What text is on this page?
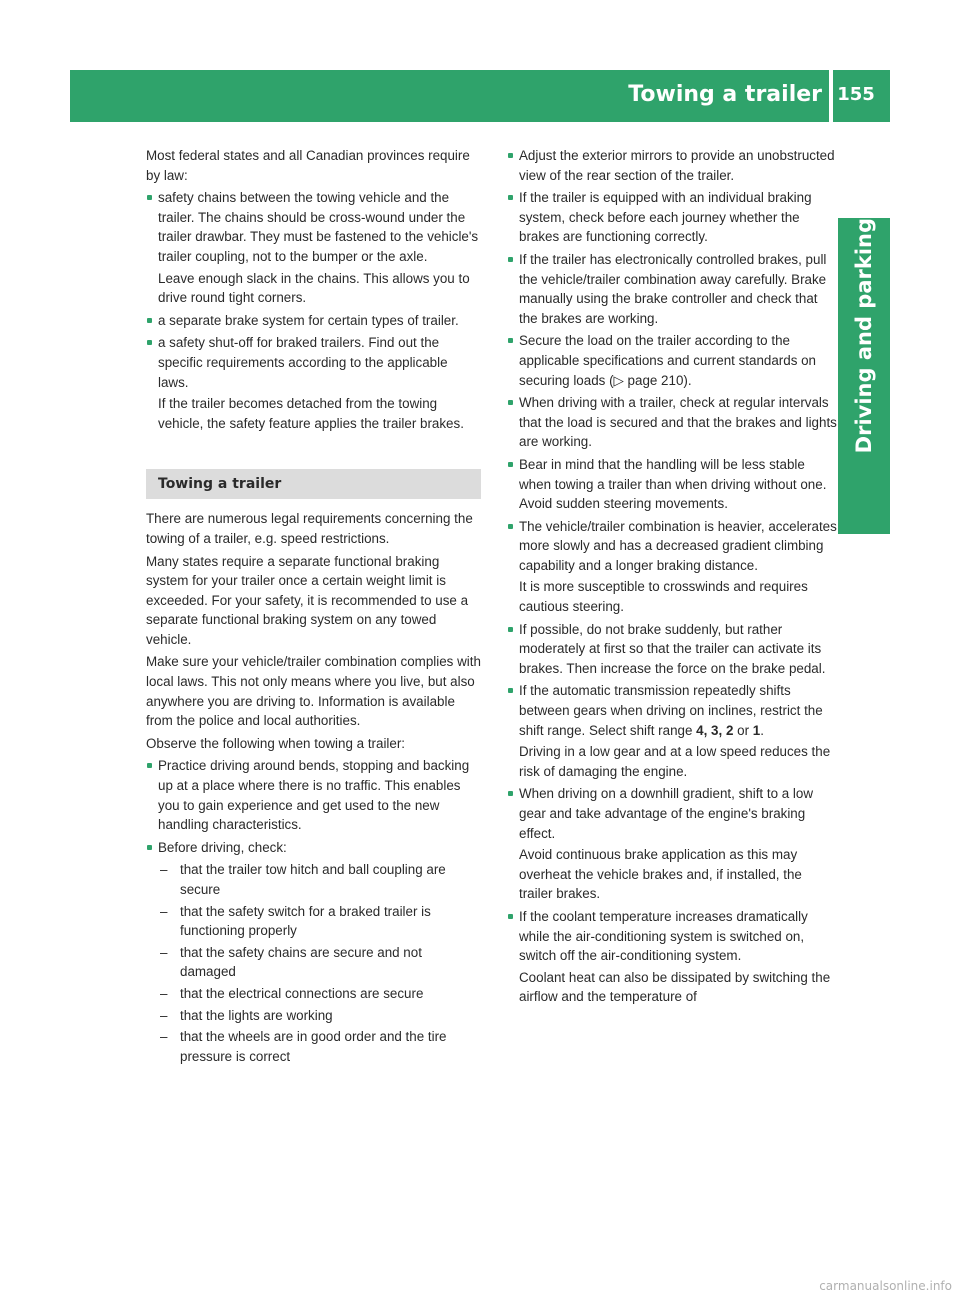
Towing a trailer 155
Driving and parking

Most federal states and all Canadian provinces require by law:

safety chains between the towing vehicle and the trailer. The chains should be cross-wound under the trailer drawbar. They must be fastened to the vehicle's trailer coupling, not to the bumper or the axle.

Leave enough slack in the chains. This allows you to drive round tight corners.

a separate brake system for certain types of trailer.
a safety shut-off for braked trailers. Find out the specific requirements according to the applicable laws.

If the trailer becomes detached from the towing vehicle, the safety feature applies the trailer brakes.

Towing a trailer

There are numerous legal requirements concerning the towing of a trailer, e.g. speed restrictions.

Many states require a separate functional braking system for your trailer once a certain weight limit is exceeded. For your safety, it is recommended to use a separate functional braking system on any towed vehicle.

Make sure your vehicle/trailer combination complies with local laws. This not only means where you live, but also anywhere you are driving to. Information is available from the police and local authorities.

Observe the following when towing a trailer:

Practice driving around bends, stopping and backing up at a place where there is no traffic. This enables you to gain experience and get used to the new handling characteristics.
Before driving, check:
– that the trailer tow hitch and ball coupling are secure
– that the safety switch for a braked trailer is functioning properly
– that the safety chains are secure and not damaged
– that the electrical connections are secure
– that the lights are working
– that the wheels are in good order and the tire pressure is correct
Adjust the exterior mirrors to provide an unobstructed view of the rear section of the trailer.
If the trailer is equipped with an individual braking system, check before each journey whether the brakes are functioning correctly.
If the trailer has electronically controlled brakes, pull the vehicle/trailer combination away carefully. Brake manually using the brake controller and check that the brakes are working.
Secure the load on the trailer according to the applicable specifications and current standards on securing loads (▷ page 210).
When driving with a trailer, check at regular intervals that the load is secured and that the brakes and lights are working.
Bear in mind that the handling will be less stable when towing a trailer than when driving without one. Avoid sudden steering movements.
The vehicle/trailer combination is heavier, accelerates more slowly and has a decreased gradient climbing capability and a longer braking distance.

It is more susceptible to crosswinds and requires cautious steering.

If possible, do not brake suddenly, but rather moderately at first so that the trailer can activate its brakes. Then increase the force on the brake pedal.
If the automatic transmission repeatedly shifts between gears when driving on inclines, restrict the shift range. Select shift range 4, 3, 2 or 1.

Driving in a low gear and at a low speed reduces the risk of damaging the engine.

When driving on a downhill gradient, shift to a low gear and take advantage of the engine's braking effect.

Avoid continuous brake application as this may overheat the vehicle brakes and, if installed, the trailer brakes.

If the coolant temperature increases dramatically while the air-conditioning system is switched on, switch off the air-conditioning system.

Coolant heat can also be dissipated by switching the airflow and the temperature of

carmanualsonline.info
